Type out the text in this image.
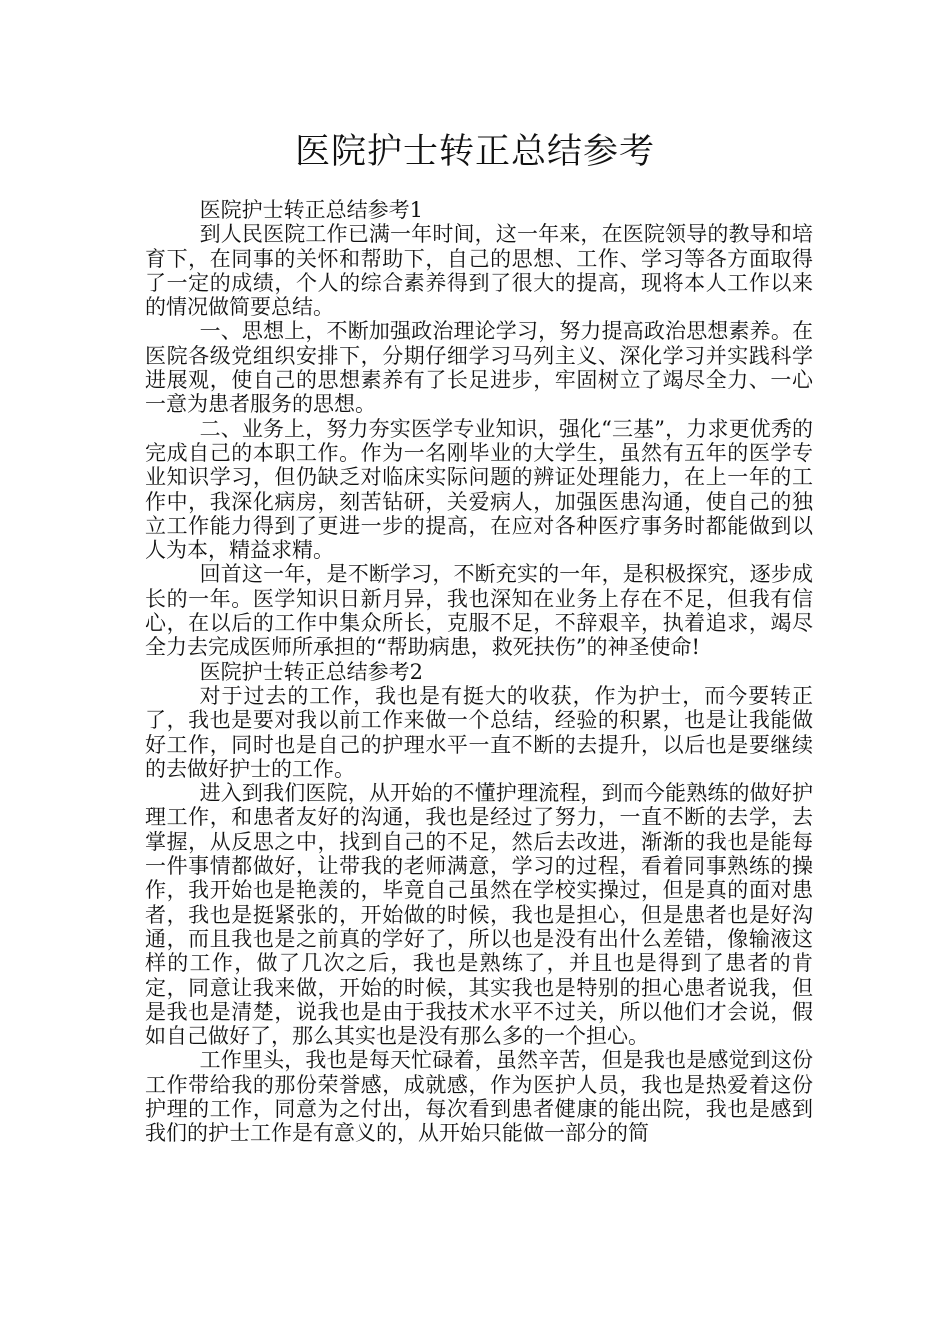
医院护士转正总结参考

医院护士转正总结参考1

到人民医院工作已满一年时间，这一年来，在医院领导的教导和培育下，在同事的关怀和帮助下，自己的思想、工作、学习等各方面取得了一定的成绩，个人的综合素养得到了很大的提高，现将本人工作以来的情况做简要总结。

一、思想上，不断加强政治理论学习，努力提高政治思想素养。在医院各级党组织安排下，分期仔细学习马列主义、深化学习并实践科学进展观，使自己的思想素养有了长足进步，牢固树立了竭尽全力、一心一意为患者服务的思想。

二、业务上，努力夯实医学专业知识，强化“三基”，力求更优秀的完成自己的本职工作。作为一名刚毕业的大学生，虽然有五年的医学专业知识学习，但仍缺乏对临床实际问题的辨证处理能力，在上一年的工作中，我深化病房，刻苦钻研，关爱病人，加强医患沟通，使自己的独立工作能力得到了更进一步的提高，在应对各种医疗事务时都能做到以人为本，精益求精。

回首这一年，是不断学习，不断充实的一年，是积极探究，逐步成长的一年。医学知识日新月异，我也深知在业务上存在不足，但我有信心，在以后的工作中集众所长，克服不足，不辞艰辛，执着追求，竭尽全力去完成医师所承担的“帮助病患，救死扶伤”的神圣使命!

医院护士转正总结参考2

对于过去的工作，我也是有挺大的收获，作为护士，而今要转正了，我也是要对我以前工作来做一个总结，经验的积累，也是让我能做好工作，同时也是自己的护理水平一直不断的去提升，以后也是要继续的去做好护士的工作。

进入到我们医院，从开始的不懂护理流程，到而今能熟练的做好护理工作，和患者友好的沟通，我也是经过了努力，一直不断的去学，去掌握，从反思之中，找到自己的不足，然后去改进，渐渐的我也是能每一件事情都做好，让带我的老师满意，学习的过程，看着同事熟练的操作，我开始也是艳羡的，毕竟自己虽然在学校实操过，但是真的面对患者，我也是挺紧张的，开始做的时候，我也是担心，但是患者也是好沟通，而且我也是之前真的学好了，所以也是没有出什么差错，像输液这样的工作，做了几次之后，我也是熟练了，并且也是得到了患者的肯定，同意让我来做，开始的时候，其实我也是特别的担心患者说我，但是我也是清楚，说我也是由于我技术水平不过关，所以他们才会说，假如自己做好了，那么其实也是没有那么多的一个担心。

工作里头，我也是每天忙碌着，虽然辛苦，但是我也是感觉到这份工作带给我的那份荣誉感，成就感，作为医护人员，我也是热爱着这份护理的工作，同意为之付出，每次看到患者健康的能出院，我也是感到我们的护士工作是有意义的，从开始只能做一部分的简
